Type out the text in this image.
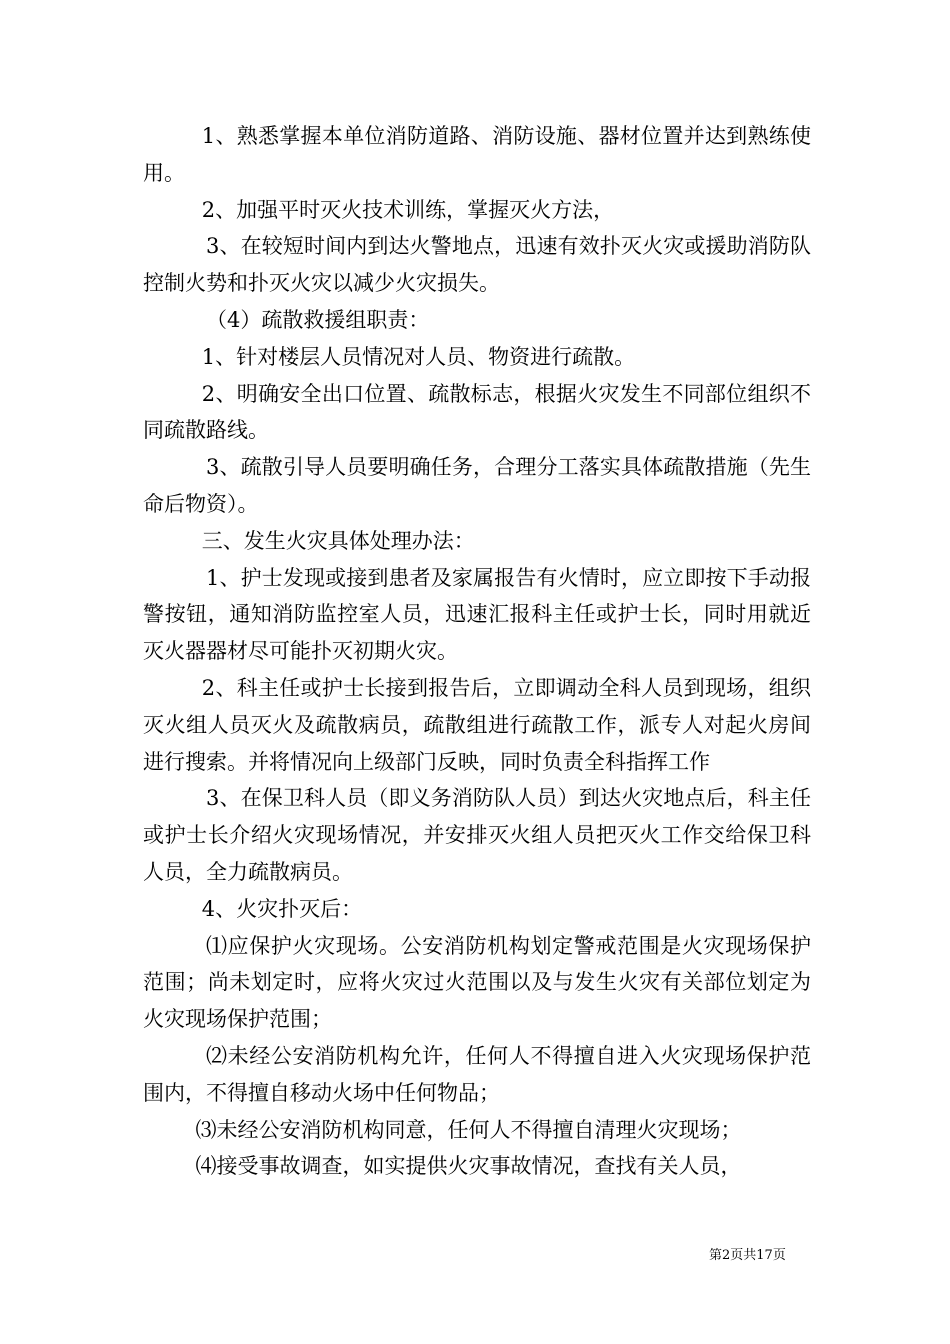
1、熟悉掌握本单位消防道路、消防设施、器材位置并达到熟练使用。

2、加强平时灭火技术训练，掌握灭火方法，

3、在较短时间内到达火警地点，迅速有效扑灭火灾或援助消防队控制火势和扑灭火灾以减少火灾损失。

（4）疏散救援组职责：

1、针对楼层人员情况对人员、物资进行疏散。

2、明确安全出口位置、疏散标志，根据火灾发生不同部位组织不同疏散路线。

3、疏散引导人员要明确任务，合理分工落实具体疏散措施（先生命后物资）。

三、发生火灾具体处理办法：

1、护士发现或接到患者及家属报告有火情时，应立即按下手动报警按钮，通知消防监控室人员，迅速汇报科主任或护士长，同时用就近灭火器器材尽可能扑灭初期火灾。

2、科主任或护士长接到报告后，立即调动全科人员到现场，组织灭火组人员灭火及疏散病员，疏散组进行疏散工作，派专人对起火房间进行搜索。并将情况向上级部门反映，同时负责全科指挥工作

3、在保卫科人员（即义务消防队人员）到达火灾地点后，科主任或护士长介绍火灾现场情况，并安排灭火组人员把灭火工作交给保卫科人员，全力疏散病员。

4、火灾扑灭后：

⑴应保护火灾现场。公安消防机构划定警戒范围是火灾现场保护范围；尚未划定时，应将火灾过火范围以及与发生火灾有关部位划定为火灾现场保护范围；

⑵未经公安消防机构允许，任何人不得擅自进入火灾现场保护范围内，不得擅自移动火场中任何物品；

⑶未经公安消防机构同意，任何人不得擅自清理火灾现场；

⑷接受事故调查，如实提供火灾事故情况，查找有关人员，

第2页共17页
